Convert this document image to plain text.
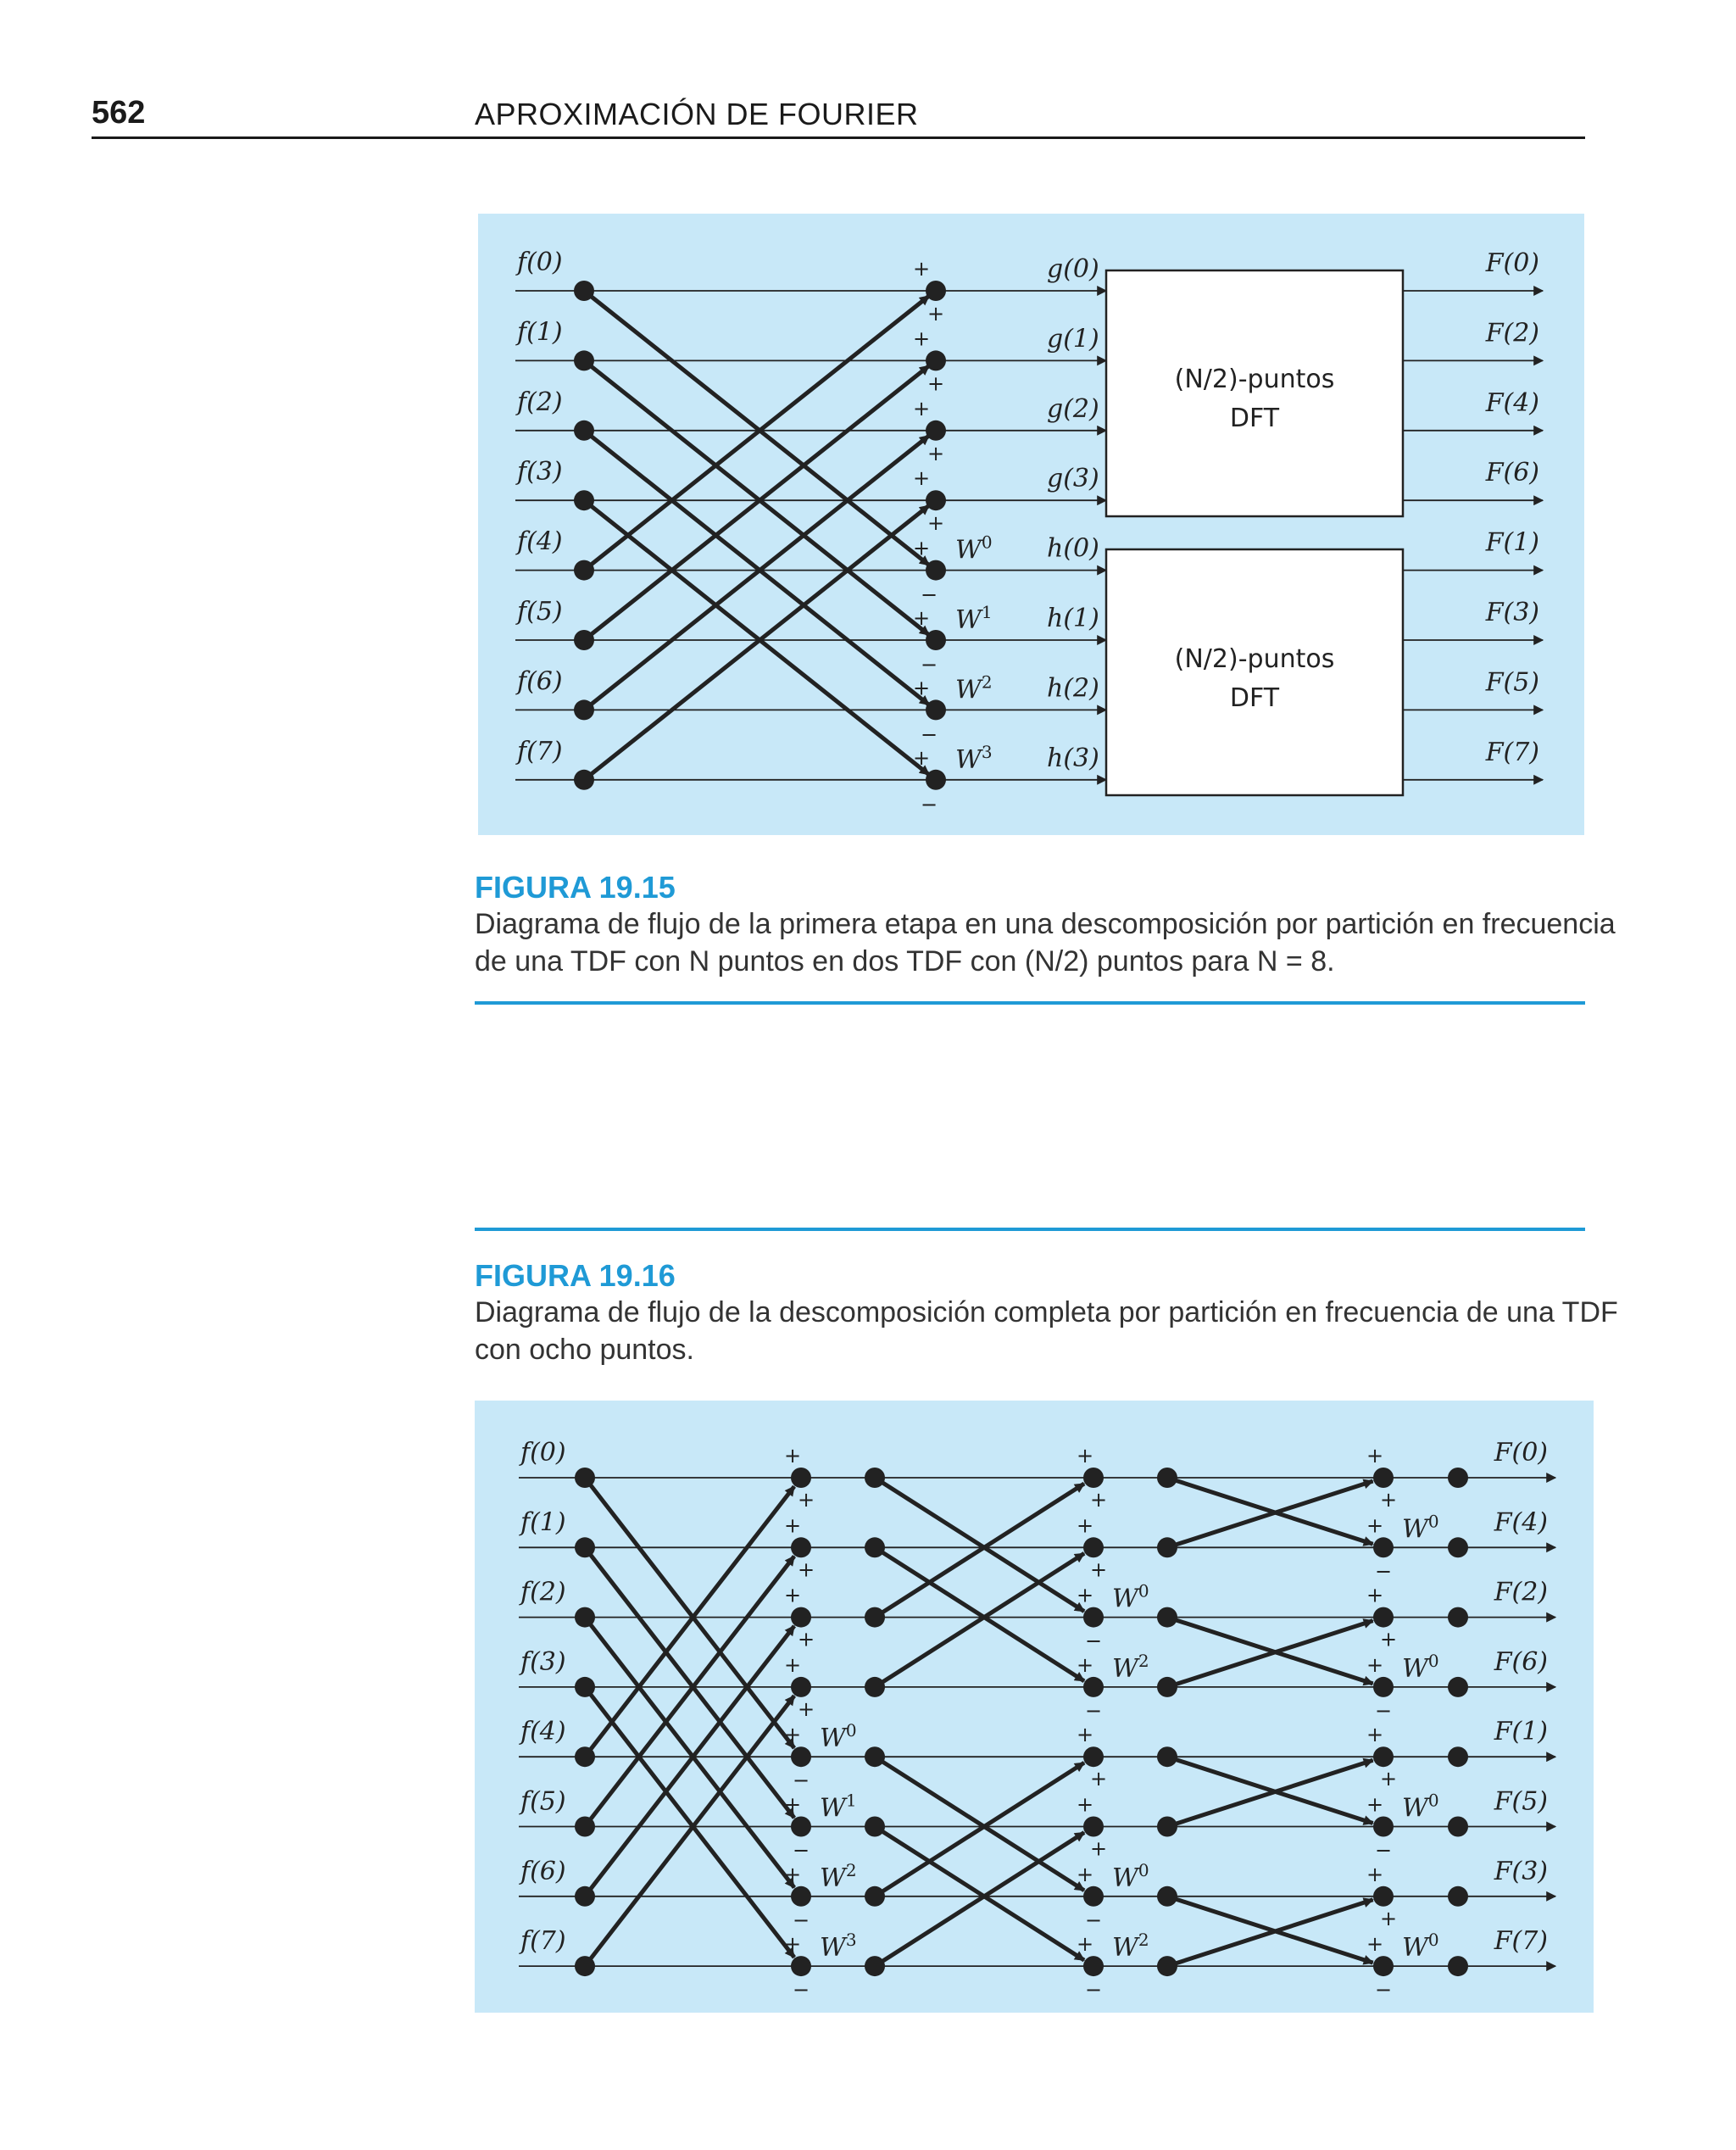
562	APROXIMACIÓN DE FOURIER
f(0)	g(0)	F(0)
+
+
f(1)	g(1)	F(2)
+
+
f(2)	g(2)	F(4)
+
+
f(3)	g(3)	F(6)
+
+
f(4)	h(0)	F(1)
+
−
$W^0$
f(5)	h(1)	F(3)
+
−
$W^1$
f(6)	h(2)	F(5)
+
−
$W^2$
f(7)	h(3)	F(7)
+
−
$W^3$
(N/2)-puntos
DFT
(N/2)-puntos
DFT
FIGURA 19.15
Diagrama de flujo de la primera etapa en una descomposición por partición en frecuencia
de una TDF con N puntos en dos TDF con (N/2) puntos para N = 8.
FIGURA 19.16
Diagrama de flujo de la descomposición completa por partición en frecuencia de una TDF
con ocho puntos.
f(0)	F(0)
f(1)	F(4)
f(2)	F(2)
f(3)	F(6)
f(4)	F(1)
f(5)	F(5)
f(6)	F(3)
f(7)	F(7)
+
+
+
+
+
+
+
+
+
−
$W^0$
+
−
$W^1$
+
−
$W^2$
+
−
$W^3$
+
+
+
+
+
−
$W^0$
+
−
$W^2$
+
+
+
+
+
−
$W^0$
+
−
$W^2$
+
+
+
−
$W^0$
+
+
+
−
$W^0$
+
+
+
−
$W^0$
+
+
+
−
$W^0$
